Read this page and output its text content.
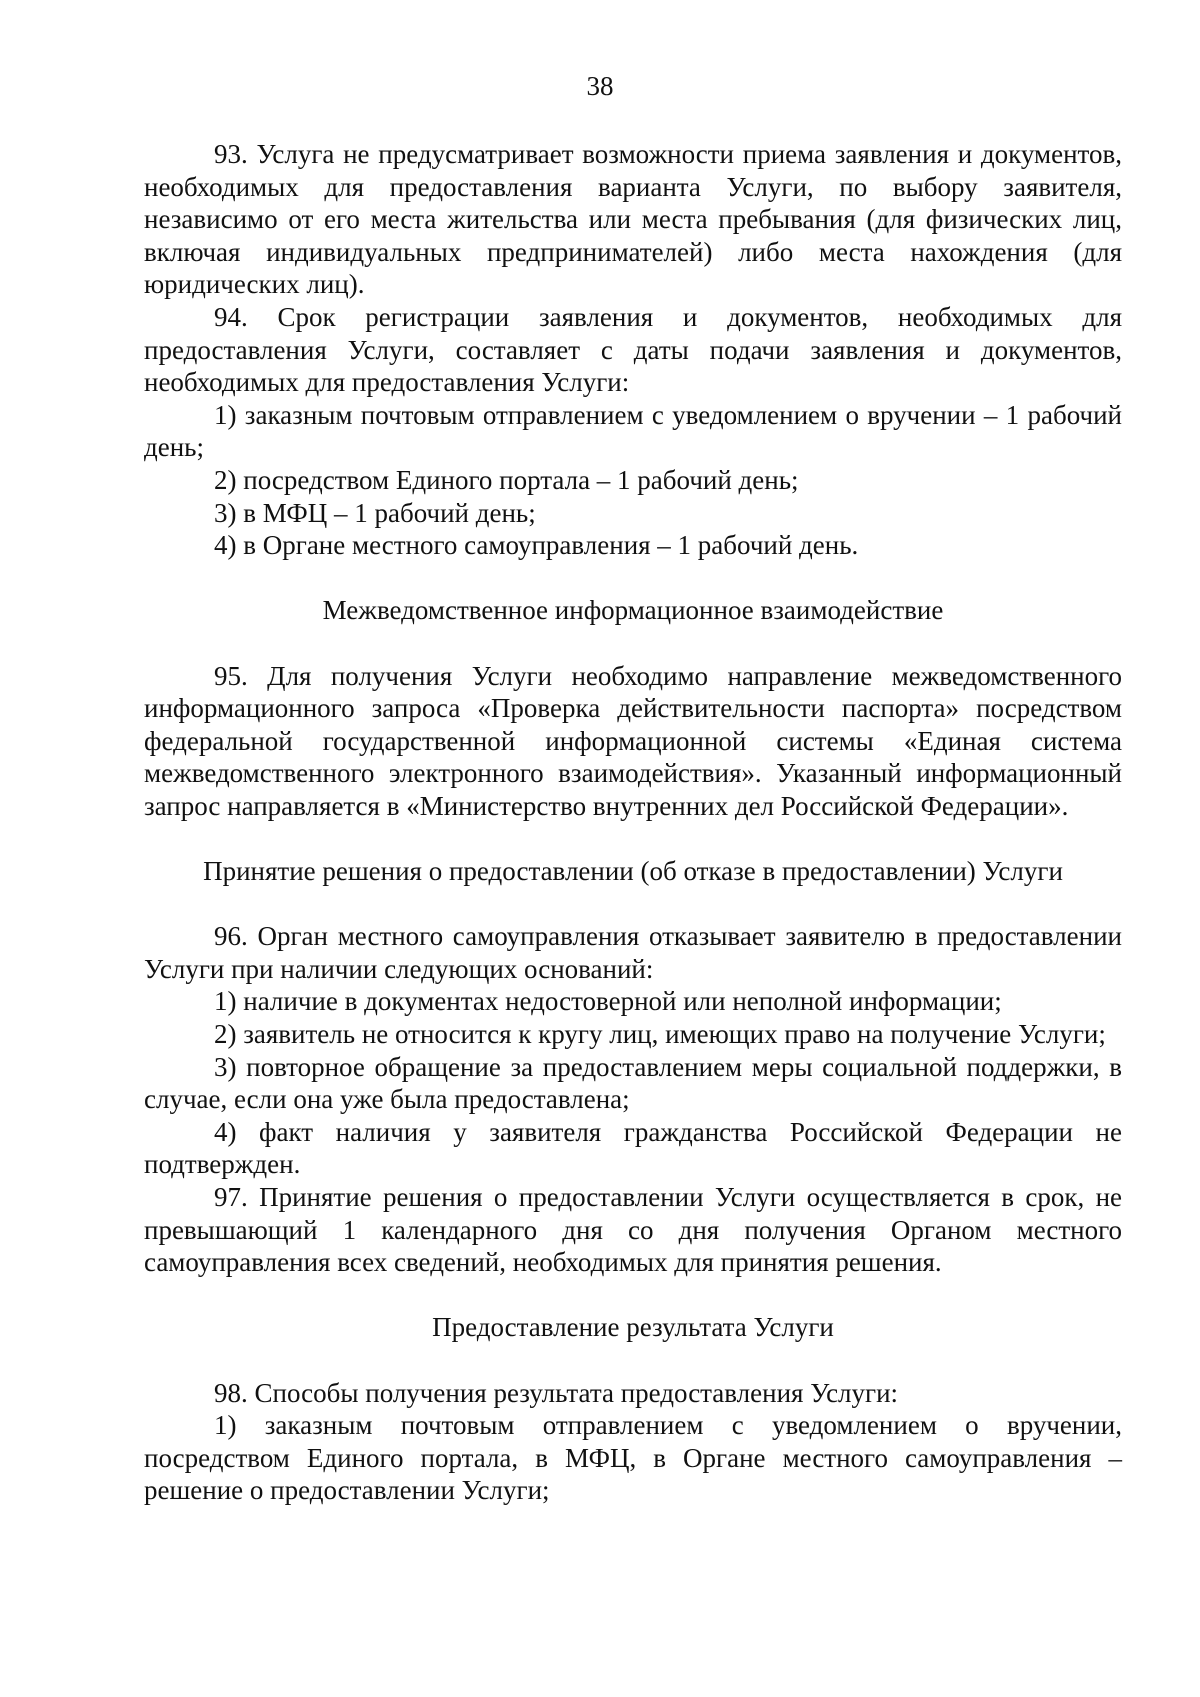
38

93. Услуга не предусматривает возможности приема заявления и документов, необходимых для предоставления варианта Услуги, по выбору заявителя, независимо от его места жительства или места пребывания (для физических лиц, включая индивидуальных предпринимателей) либо места нахождения (для юридических лиц).

94. Срок регистрации заявления и документов, необходимых для предоставления Услуги, составляет с даты подачи заявления и документов, необходимых для предоставления Услуги:

1) заказным почтовым отправлением с уведомлением о вручении – 1 рабочий день;

2) посредством Единого портала – 1 рабочий день;

3) в МФЦ – 1 рабочий день;

4) в Органе местного самоуправления – 1 рабочий день.

Межведомственное информационное взаимодействие

95. Для получения Услуги необходимо направление межведомственного информационного запроса «Проверка действительности паспорта» посредством федеральной государственной информационной системы «Единая система межведомственного электронного взаимодействия». Указанный информационный запрос направляется в «Министерство внутренних дел Российской Федерации».

Принятие решения о предоставлении (об отказе в предоставлении) Услуги

96. Орган местного самоуправления отказывает заявителю в предоставлении Услуги при наличии следующих оснований:

1) наличие в документах недостоверной или неполной информации;

2) заявитель не относится к кругу лиц, имеющих право на получение Услуги;

3) повторное обращение за предоставлением меры социальной поддержки, в случае, если она уже была предоставлена;

4) факт наличия у заявителя гражданства Российской Федерации не подтвержден.

97. Принятие решения о предоставлении Услуги осуществляется в срок, не превышающий 1 календарного дня со дня получения Органом местного самоуправления всех сведений, необходимых для принятия решения.

Предоставление результата Услуги

98. Способы получения результата предоставления Услуги:

1) заказным почтовым отправлением с уведомлением о вручении, посредством Единого портала, в МФЦ, в Органе местного самоуправления – решение о предоставлении Услуги;
